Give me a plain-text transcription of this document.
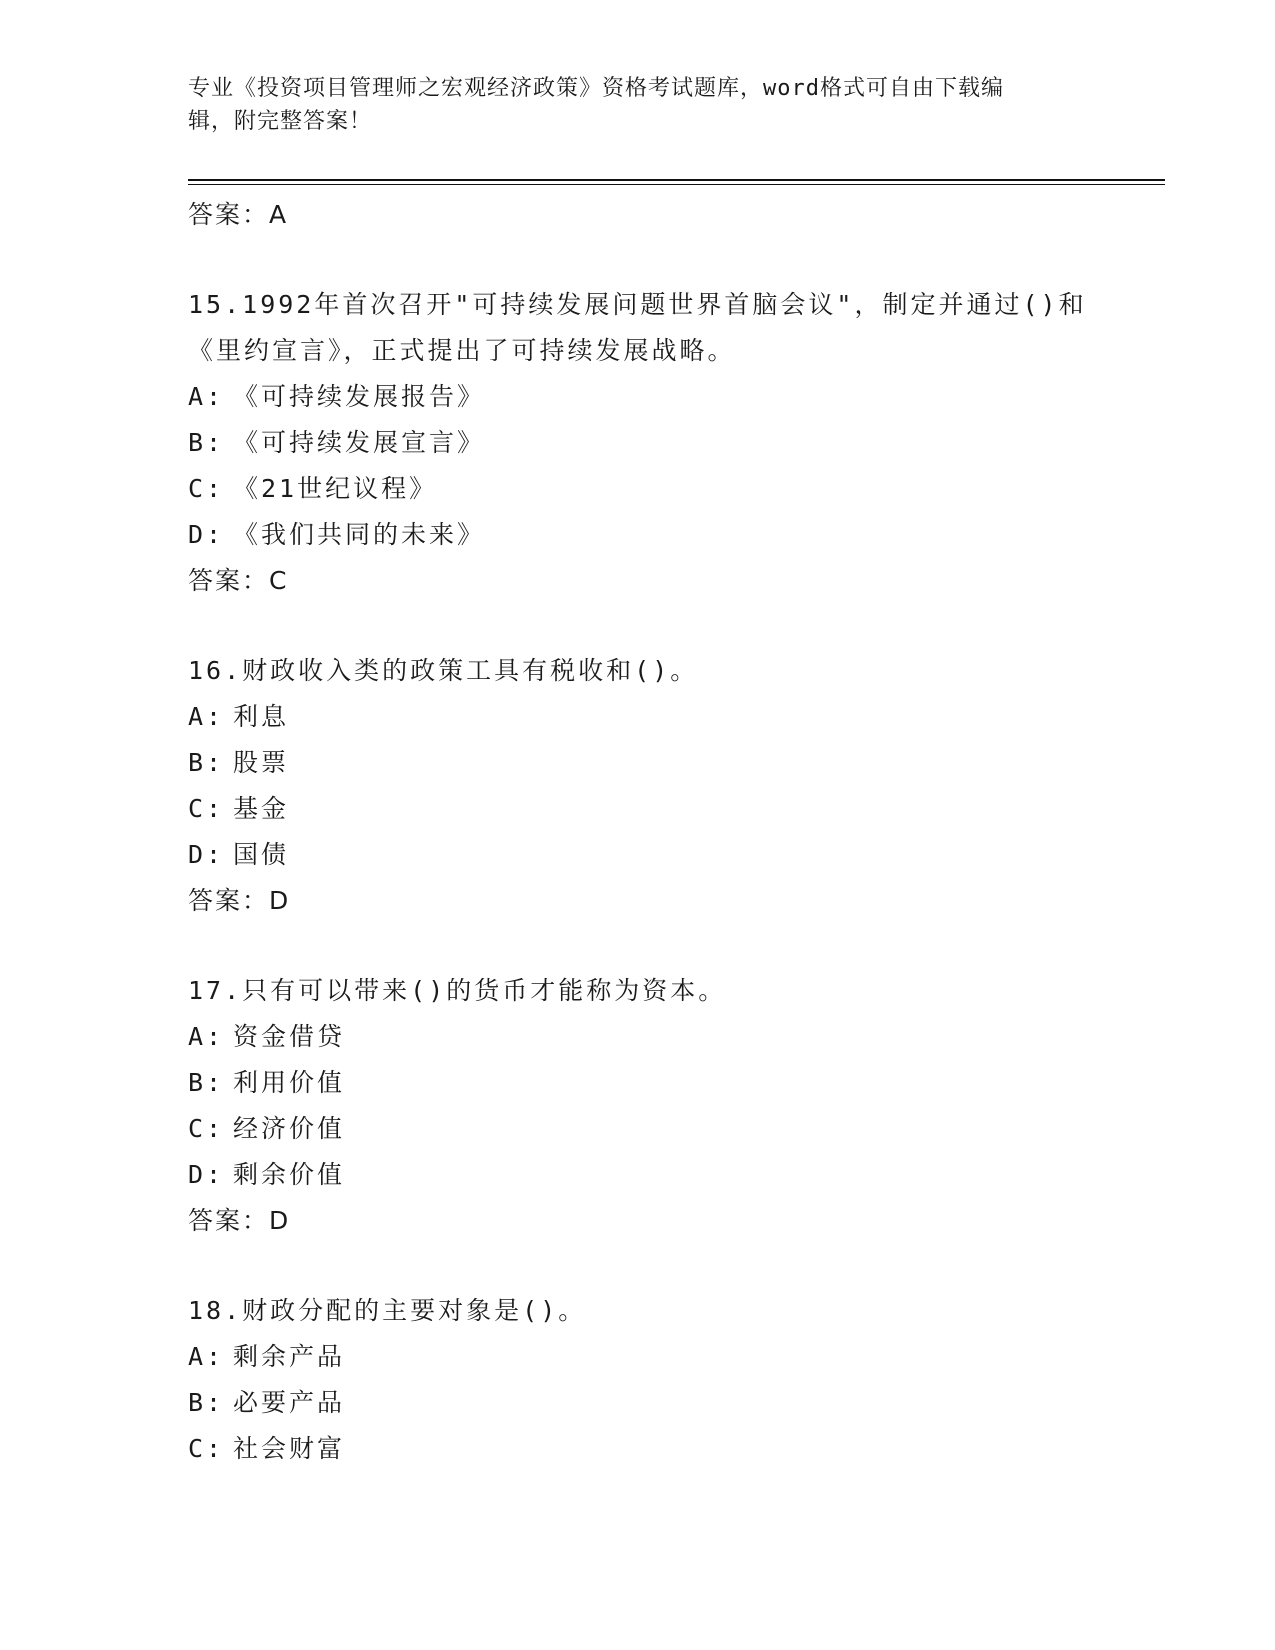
专业《投资项目管理师之宏观经济政策》资格考试题库，word格式可自由下载编
辑，附完整答案！
答案：A
15.1992年首次召开"可持续发展问题世界首脑会议"，制定并通过()和
《里约宣言》，正式提出了可持续发展战略。
A: 《可持续发展报告》
B: 《可持续发展宣言》
C: 《21世纪议程》
D: 《我们共同的未来》
答案：C
16.财政收入类的政策工具有税收和()。
A: 利息
B: 股票
C: 基金
D: 国债
答案：D
17.只有可以带来()的货币才能称为资本。
A: 资金借贷
B: 利用价值
C: 经济价值
D: 剩余价值
答案：D
18.财政分配的主要对象是()。
A: 剩余产品
B: 必要产品
C: 社会财富
